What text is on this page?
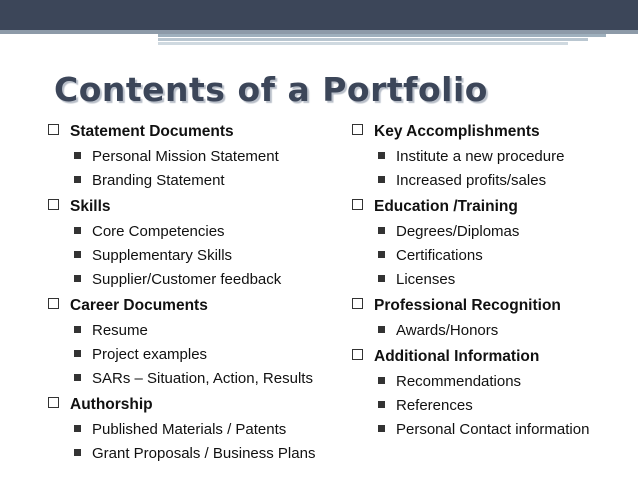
Contents of a Portfolio
Statement Documents
Personal Mission Statement
Branding Statement
Skills
Core Competencies
Supplementary Skills
Supplier/Customer feedback
Career Documents
Resume
Project examples
SARs – Situation, Action, Results
Authorship
Published Materials / Patents
Grant Proposals / Business Plans
Key Accomplishments
Institute a new procedure
Increased profits/sales
Education /Training
Degrees/Diplomas
Certifications
Licenses
Professional Recognition
Awards/Honors
Additional Information
Recommendations
References
Personal Contact information
